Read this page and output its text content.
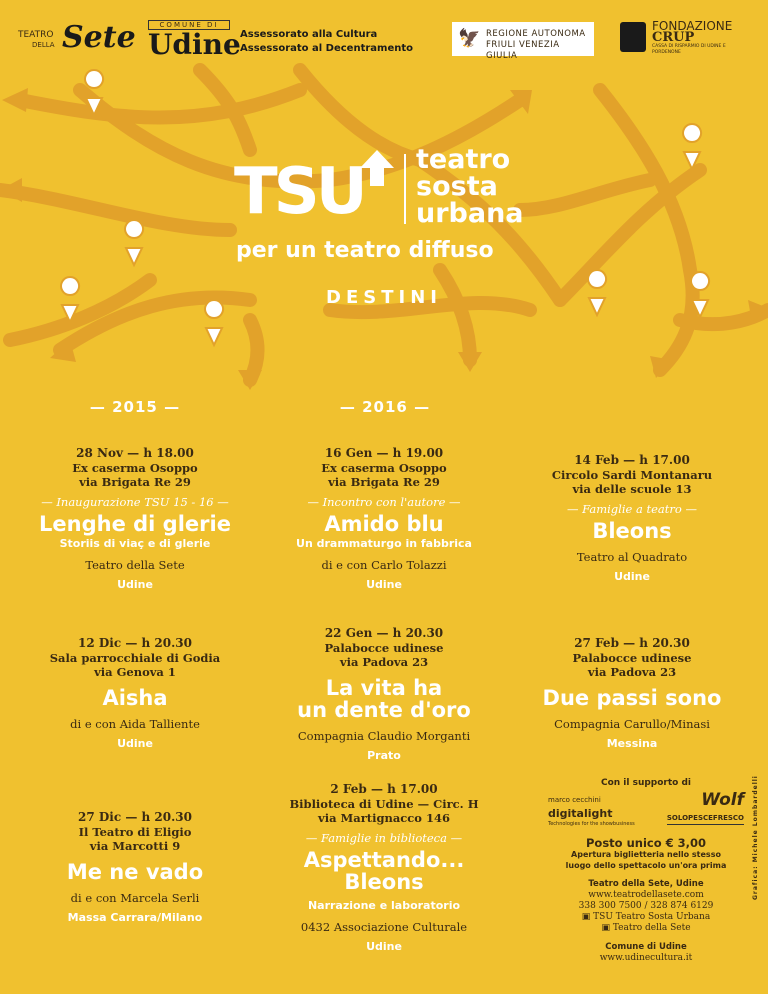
TEATRO
DELLA Sete	COMUNE DI
Udine Assessorato alla Cultura
Assessorato al Decentramento 🦅 REGIONE AUTONOMA
FRIULI VENEZIA GIULIA
FONDAZIONE
CRUP
CASSA DI RISPARMIO DI UDINE E PORDENONE
TSU teatro
sosta
urbana
per un teatro diffuso
DESTINI
— 2015 —	— 2016 —
28 Nov — h 18.00
Ex caserma Osoppo
via Brigata Re 29
— Inaugurazione TSU 15 - 16 —
Lenghe di glerie
Storiis di viaç e di glerie
Teatro della Sete
Udine
16 Gen — h 19.00
Ex caserma Osoppo
via Brigata Re 29
— Incontro con l'autore —
Amido blu
Un drammaturgo in fabbrica
di e con Carlo Tolazzi
Udine
14 Feb — h 17.00
Circolo Sardi Montanaru
via delle scuole 13
— Famiglie a teatro —
Bleons
Teatro al Quadrato
Udine
12 Dic — h 20.30
Sala parrocchiale di Godia
via Genova 1
Aisha
di e con Aida Talliente
Udine
22 Gen — h 20.30
Palabocce udinese
via Padova 23
La vita ha
un dente d'oro
Compagnia Claudio Morganti
Prato
27 Feb — h 20.30
Palabocce udinese
via Padova 23
Due passi sono
Compagnia Carullo/Minasi
Messina
27 Dic — h 20.30
Il Teatro di Eligio
via Marcotti 9
Me ne vado
di e con Marcela Serli
Massa Carrara/Milano
2 Feb — h 17.00
Biblioteca di Udine — Circ. H
via Martignacco 146
— Famiglie in biblioteca —
Aspettando...
Bleons
Narrazione e laboratorio
0432 Associazione Culturale
Udine
Con il supporto di
marco cecchini	Wolf
digitalight
Technologies for the showbusiness
SOLOPESCEFRESCO
Posto unico € 3,00
Apertura biglietteria nello stesso
luogo dello spettacolo un'ora prima
Teatro della Sete, Udine
www.teatrodellasete.com
338 300 7500 / 328 874 6129
▣ TSU Teatro Sosta Urbana
▣ Teatro della Sete
Comune di Udine
www.udinecultura.it
Grafica: Michele Lombardelli
